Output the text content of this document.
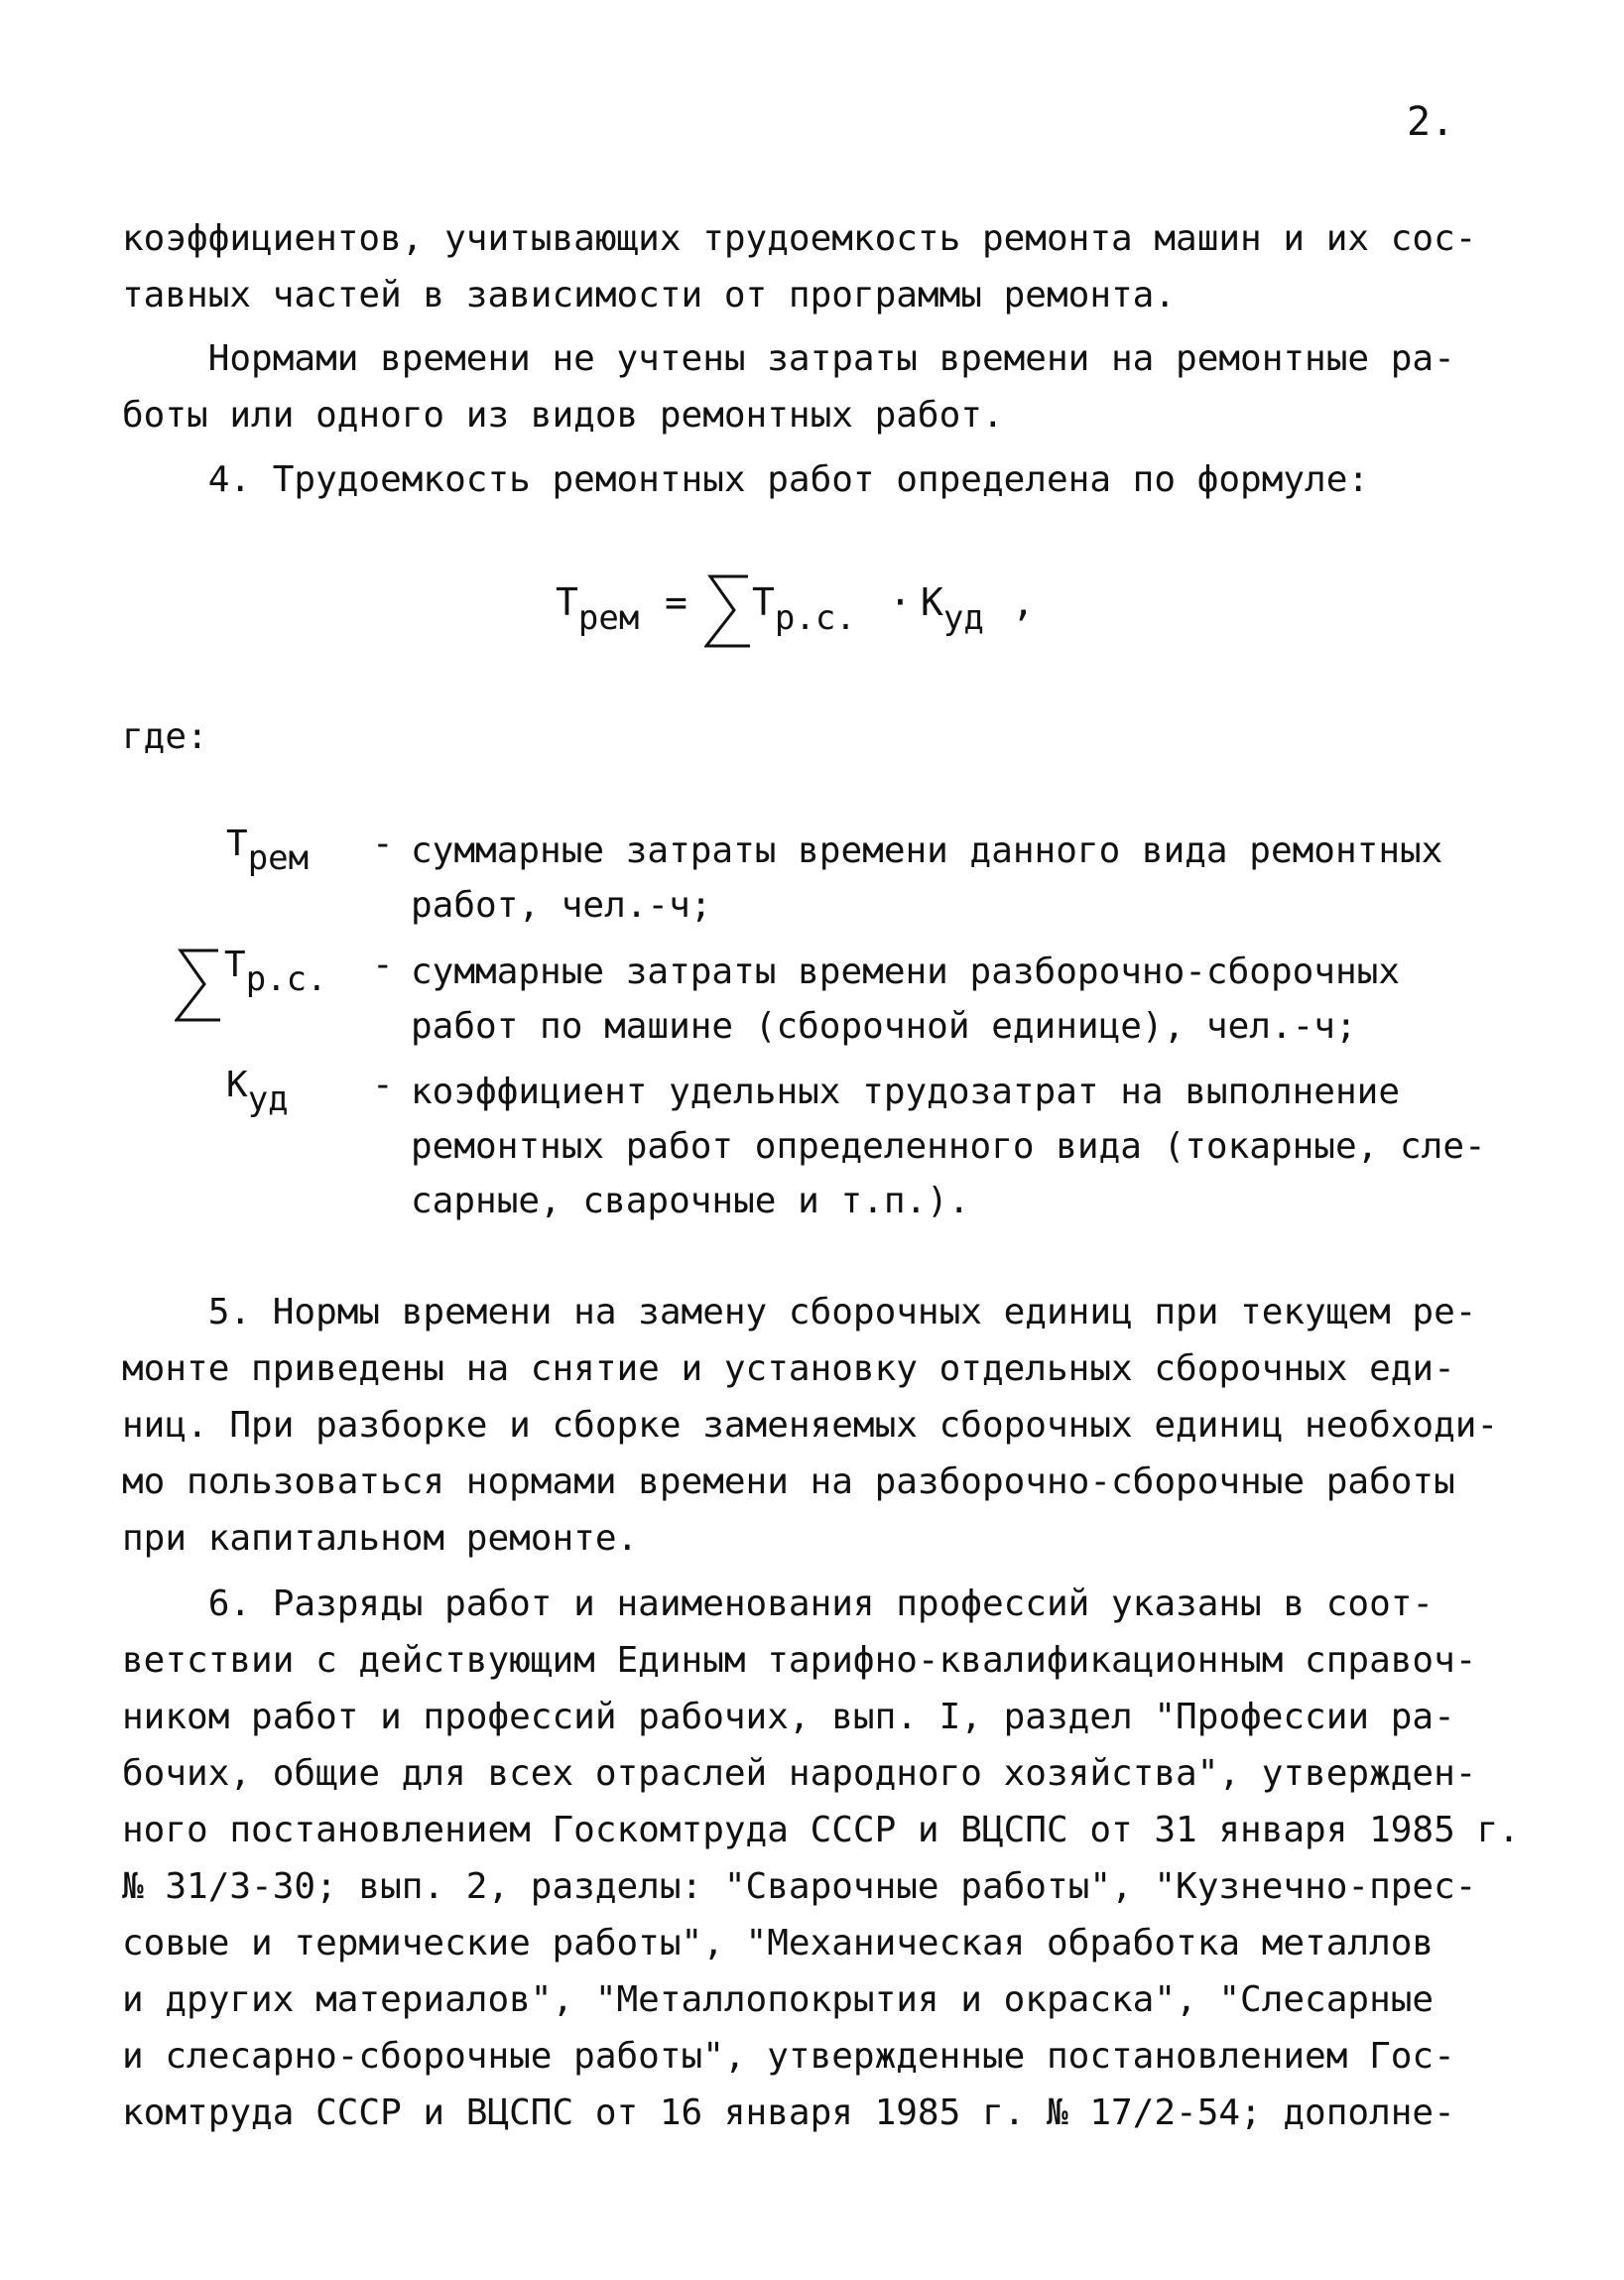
2.

коэффициентов, учитывающих трудоемкость ремонта машин и их сос-
тавных частей в зависимости от программы ремонта.

Нормами времени не учтены затраты времени на ремонтные ра-
боты или одного из видов ремонтных работ.

4. Трудоемкость ремонтных работ определена по формуле:

Tрем = Tр.с. · Kуд ,
где:
Tрем	- суммарные затраты времени данного вида ремонтных
работ, чел.-ч;

Tр.с.	- суммарные затраты времени разборочно-сборочных
работ по машине (сборочной единице), чел.-ч;

Kуд	- коэффициент удельных трудозатрат на выполнение
ремонтных работ определенного вида (токарные, сле-
сарные, сварочные и т.п.).

5. Нормы времени на замену сборочных единиц при текущем ре-
монте приведены на снятие и установку отдельных сборочных еди-
ниц. При разборке и сборке заменяемых сборочных единиц необходи-
мо пользоваться нормами времени на разборочно-сборочные работы
при капитальном ремонте.

6. Разряды работ и наименования профессий указаны в соот-
ветствии с действующим Единым тарифно-квалификационным справоч-
ником работ и профессий рабочих, вып. I, раздел "Профессии ра-
бочих, общие для всех отраслей народного хозяйства", утвержден-
ного постановлением Госкомтруда СССР и ВЦСПС от 31 января 1985 г.
№ 31/3-30; вып. 2, разделы: "Сварочные работы", "Кузнечно-прес-
совые и термические работы", "Механическая обработка металлов
и других материалов", "Металлопокрытия и окраска", "Слесарные
и слесарно-сборочные работы", утвержденные постановлением Гос-
комтруда СССР и ВЦСПС от 16 января 1985 г. № 17/2-54; дополне-
